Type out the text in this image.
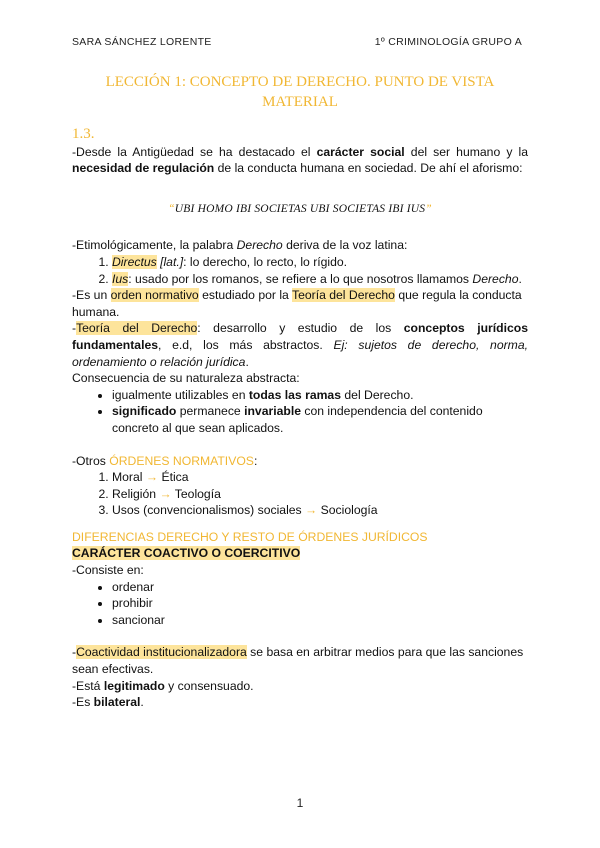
SARA SÁNCHEZ LORENTE	1º CRIMINOLOGÍA GRUPO A
LECCIÓN 1: CONCEPTO DE DERECHO. PUNTO DE VISTA MATERIAL
1.3.

-Desde la Antigüedad se ha destacado el carácter social del ser humano y la necesidad de regulación de la conducta humana en sociedad. De ahí el aforismo:

“UBI HOMO IBI SOCIETAS UBI SOCIETAS IBI IUS”

-Etimológicamente, la palabra Derecho deriva de la voz latina:

1. Directus [lat.]: lo derecho, lo recto, lo rígido.
2. Ius: usado por los romanos, se refiere a lo que nosotros llamamos Derecho.

-Es un orden normativo estudiado por la Teoría del Derecho que regula la conducta humana.

-Teoría del Derecho: desarrollo y estudio de los conceptos jurídicos fundamentales, e.d, los más abstractos. Ej: sujetos de derecho, norma, ordenamiento o relación jurídica.

Consecuencia de su naturaleza abstracta:

• igualmente utilizables en todas las ramas del Derecho.
• significado permanece invariable con independencia del contenido concreto al que sean aplicados.

-Otros ÓRDENES NORMATIVOS:

1. Moral → Ética
2. Religión → Teología
3. Usos (convencionalismos) sociales → Sociología
DIFERENCIAS DERECHO Y RESTO DE ÓRDENES JURÍDICOS
CARÁCTER COACTIVO O COERCITIVO

-Consiste en:

• ordenar
• prohibir
• sancionar

-Coactividad institucionalizadora se basa en arbitrar medios para que las sanciones sean efectivas.

-Está legitimado y consensuado.

-Es bilateral.

1
